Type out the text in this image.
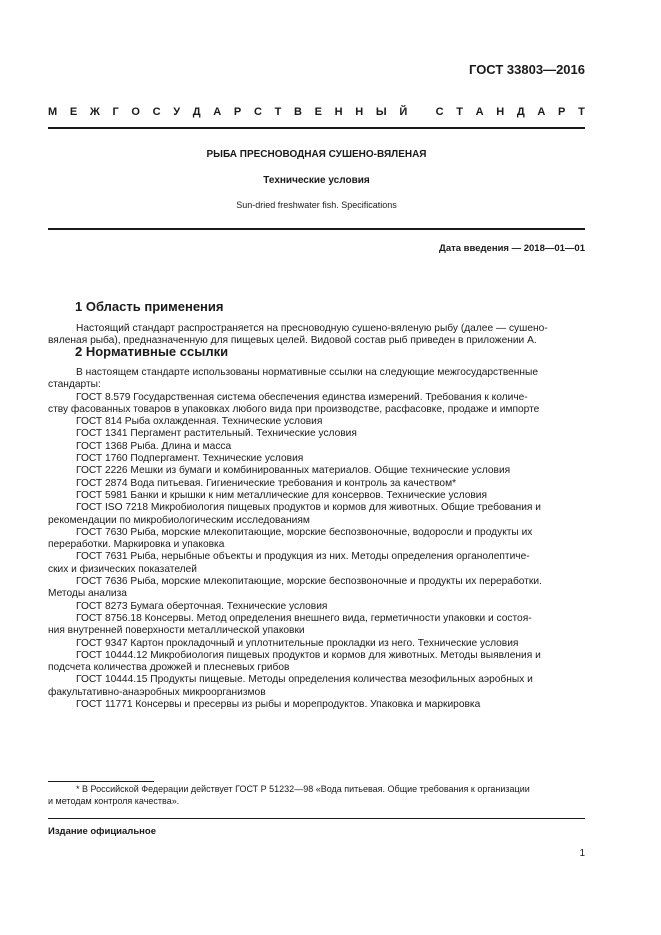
ГОСТ 33803—2016
М Е Ж Г О С У Д А Р С Т В Е Н Н Ы Й
	С Т А Н Д А Р Т
РЫБА ПРЕСНОВОДНАЯ СУШЕНО-ВЯЛЕНАЯ
Технические условия
Sun-dried freshwater fish. Specifications
Дата введения — 2018—01—01
1 Область применения
Настоящий стандарт распространяется на пресноводную сушено-вяленую рыбу (далее — сушено-
вяленая рыба), предназначенную для пищевых целей. Видовой состав рыб приведен в приложении А.
2 Нормативные ссылки
В настоящем стандарте использованы нормативные ссылки на следующие межгосударственные
стандарты:
ГОСТ 8.579 Государственная система обеспечения единства измерений. Требования к количе-
ству фасованных товаров в упаковках любого вида при производстве, расфасовке, продаже и импорте
ГОСТ 814 Рыба охлажденная. Технические условия
ГОСТ 1341 Пергамент растительный. Технические условия
ГОСТ 1368 Рыба. Длина и масса
ГОСТ 1760 Подпергамент. Технические условия
ГОСТ 2226 Мешки из бумаги и комбинированных материалов. Общие технические условия
ГОСТ 2874 Вода питьевая. Гигиенические требования и контроль за качеством*
ГОСТ 5981 Банки и крышки к ним металлические для консервов. Технические условия
ГОСТ ISO 7218 Микробиология пищевых продуктов и кормов для животных. Общие требования и
рекомендации по микробиологическим исследованиям
ГОСТ 7630 Рыба, морские млекопитающие, морские беспозвоночные, водоросли и продукты их
переработки. Маркировка и упаковка
ГОСТ 7631 Рыба, нерыбные объекты и продукция из них. Методы определения органолептиче-
ских и физических показателей
ГОСТ 7636 Рыба, морские млекопитающие, морские беспозвоночные и продукты их переработки.
Методы анализа
ГОСТ 8273 Бумага оберточная. Технические условия
ГОСТ 8756.18 Консервы. Метод определения внешнего вида, герметичности упаковки и состоя-
ния внутренней поверхности металлической упаковки
ГОСТ 9347 Картон прокладочный и уплотнительные прокладки из него. Технические условия
ГОСТ 10444.12 Микробиология пищевых продуктов и кормов для животных. Методы выявления и
подсчета количества дрожжей и плесневых грибов
ГОСТ 10444.15 Продукты пищевые. Методы определения количества мезофильных аэробных и
факультативно-анаэробных микроорганизмов
ГОСТ 11771 Консервы и пресервы из рыбы и морепродуктов. Упаковка и маркировка
* В Российской Федерации действует ГОСТ Р 51232—98 «Вода питьевая. Общие требования к организации
и методам контроля качества».
Издание официальное
1
